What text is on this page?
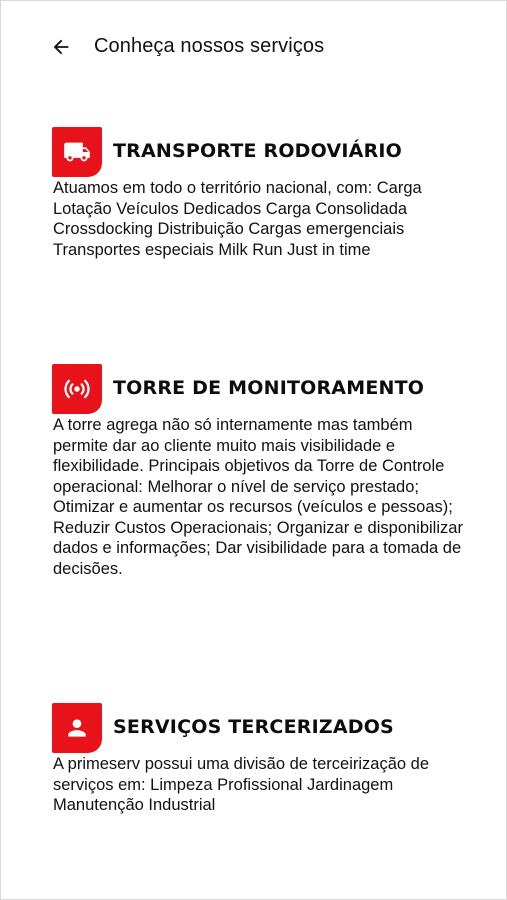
Conheça nossos serviços
TRANSPORTE RODOVIÁRIO
Atuamos em todo o território nacional, com: Carga Lotação Veículos Dedicados Carga Consolidada Crossdocking Distribuição Cargas emergenciais Transportes especiais Milk Run Just in time
TORRE DE MONITORAMENTO
A torre agrega não só internamente mas também permite dar ao cliente muito mais visibilidade e flexibilidade. Principais objetivos da Torre de Controle operacional: Melhorar o nível de serviço prestado; Otimizar e aumentar os recursos (veículos e pessoas); Reduzir Custos Operacionais; Organizar e disponibilizar dados e informações; Dar visibilidade para a tomada de decisões.
SERVIÇOS TERCERIZADOS
A primeserv possui uma divisão de terceirização de serviços em: Limpeza Profissional Jardinagem Manutenção Industrial
